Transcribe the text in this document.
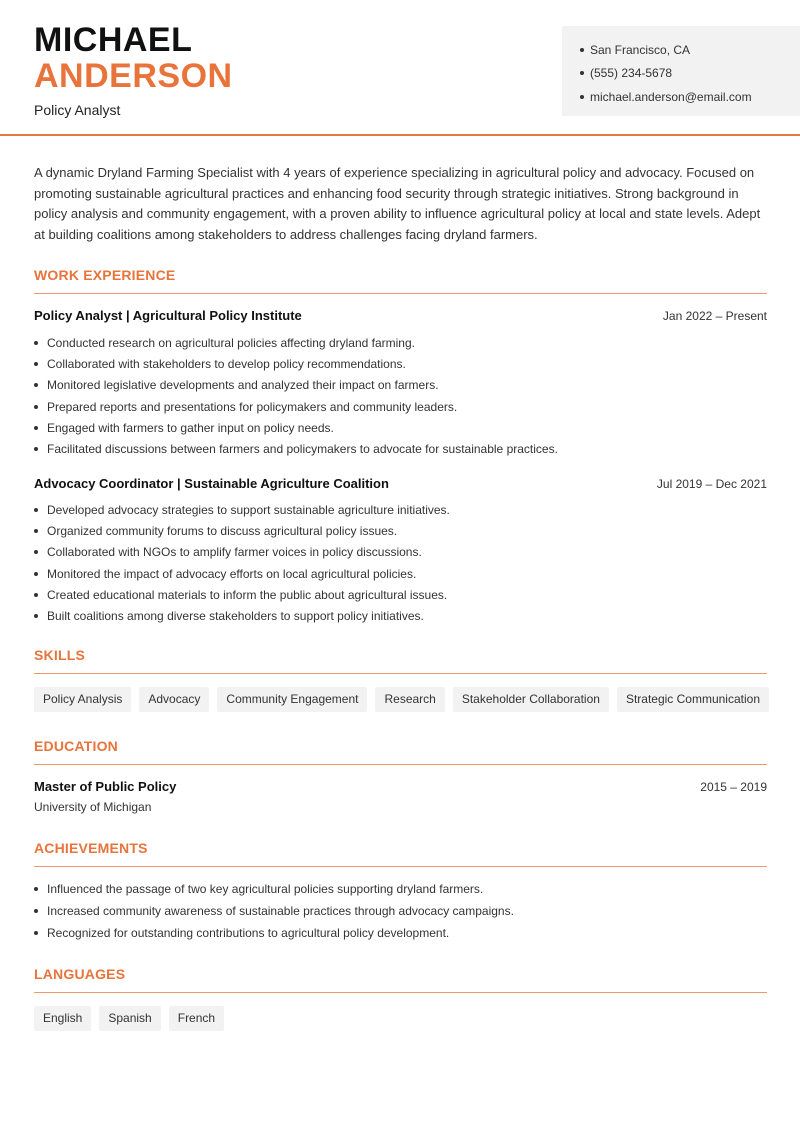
MICHAEL
ANDERSON
Policy Analyst
San Francisco, CA
(555) 234-5678
michael.anderson@email.com

A dynamic Dryland Farming Specialist with 4 years of experience specializing in agricultural policy and advocacy. Focused on promoting sustainable agricultural practices and enhancing food security through strategic initiatives. Strong background in policy analysis and community engagement, with a proven ability to influence agricultural policy at local and state levels. Adept at building coalitions among stakeholders to address challenges facing dryland farmers.

WORK EXPERIENCE
Policy Analyst | Agricultural Policy Institute	Jan 2022 – Present
Conducted research on agricultural policies affecting dryland farming.
Collaborated with stakeholders to develop policy recommendations.
Monitored legislative developments and analyzed their impact on farmers.
Prepared reports and presentations for policymakers and community leaders.
Engaged with farmers to gather input on policy needs.
Facilitated discussions between farmers and policymakers to advocate for sustainable practices.
Advocacy Coordinator | Sustainable Agriculture Coalition	Jul 2019 – Dec 2021
Developed advocacy strategies to support sustainable agriculture initiatives.
Organized community forums to discuss agricultural policy issues.
Collaborated with NGOs to amplify farmer voices in policy discussions.
Monitored the impact of advocacy efforts on local agricultural policies.
Created educational materials to inform the public about agricultural issues.
Built coalitions among diverse stakeholders to support policy initiatives.
SKILLS
Policy Analysis	Advocacy	Community Engagement	Research	Stakeholder Collaboration	Strategic Communication
EDUCATION
Master of Public Policy	2015 – 2019
University of Michigan
ACHIEVEMENTS
Influenced the passage of two key agricultural policies supporting dryland farmers.
Increased community awareness of sustainable practices through advocacy campaigns.
Recognized for outstanding contributions to agricultural policy development.
LANGUAGES
English	Spanish	French
